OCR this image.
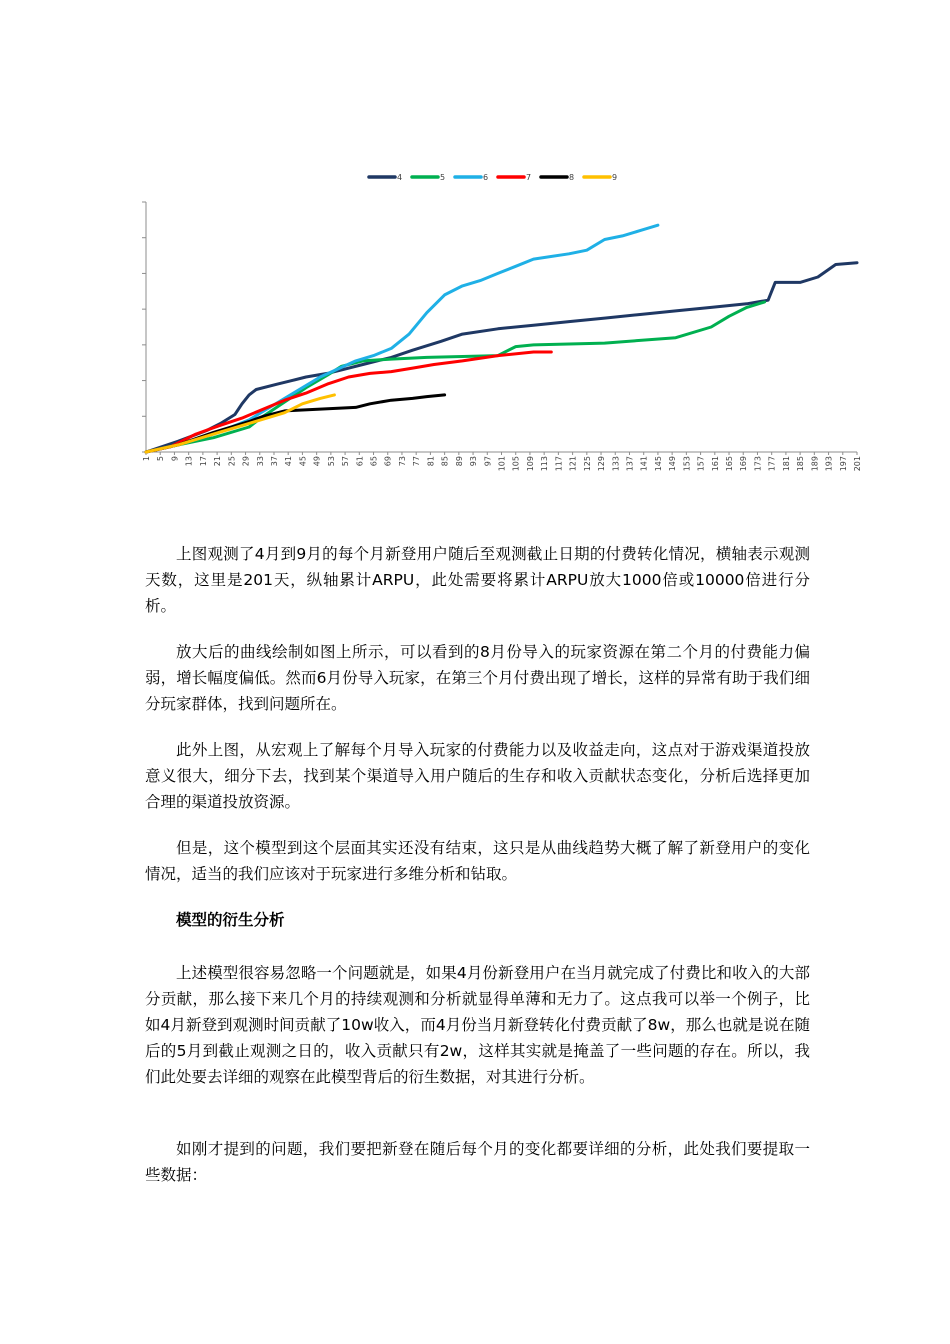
1 5 9 13 17 21 25 29 33 37 41 45 49 53 57 61 65 69 73 77 81 85 89 93 97 101 105 109 113 117 121 125 129 133 137 141 145 149 153 157 161 165 169 173 177 181 185 189 193 197 201
4	5	6	7	8	9

上图观测了4月到9月的每个月新登用户随后至观测截止日期的付费转化情况，横轴表示观测天数，这里是201天，纵轴累计ARPU，此处需要将累计ARPU放大1000倍或10000倍进行分析。

放大后的曲线绘制如图上所示，可以看到的8月份导入的玩家资源在第二个月的付费能力偏弱，增长幅度偏低。然而6月份导入玩家，在第三个月付费出现了增长，这样的异常有助于我们细分玩家群体，找到问题所在。

此外上图，从宏观上了解每个月导入玩家的付费能力以及收益走向，这点对于游戏渠道投放意义很大，细分下去，找到某个渠道导入用户随后的生存和收入贡献状态变化，分析后选择更加合理的渠道投放资源。

但是，这个模型到这个层面其实还没有结束，这只是从曲线趋势大概了解了新登用户的变化情况，适当的我们应该对于玩家进行多维分析和钻取。

模型的衍生分析

上述模型很容易忽略一个问题就是，如果4月份新登用户在当月就完成了付费比和收入的大部分贡献，那么接下来几个月的持续观测和分析就显得单薄和无力了。这点我可以举一个例子，比如4月新登到观测时间贡献了10w收入，而4月份当月新登转化付费贡献了8w，那么也就是说在随后的5月到截止观测之日的，收入贡献只有2w，这样其实就是掩盖了一些问题的存在。所以，我们此处要去详细的观察在此模型背后的衍生数据，对其进行分析。

如刚才提到的问题，我们要把新登在随后每个月的变化都要详细的分析，此处我们要提取一些数据：
